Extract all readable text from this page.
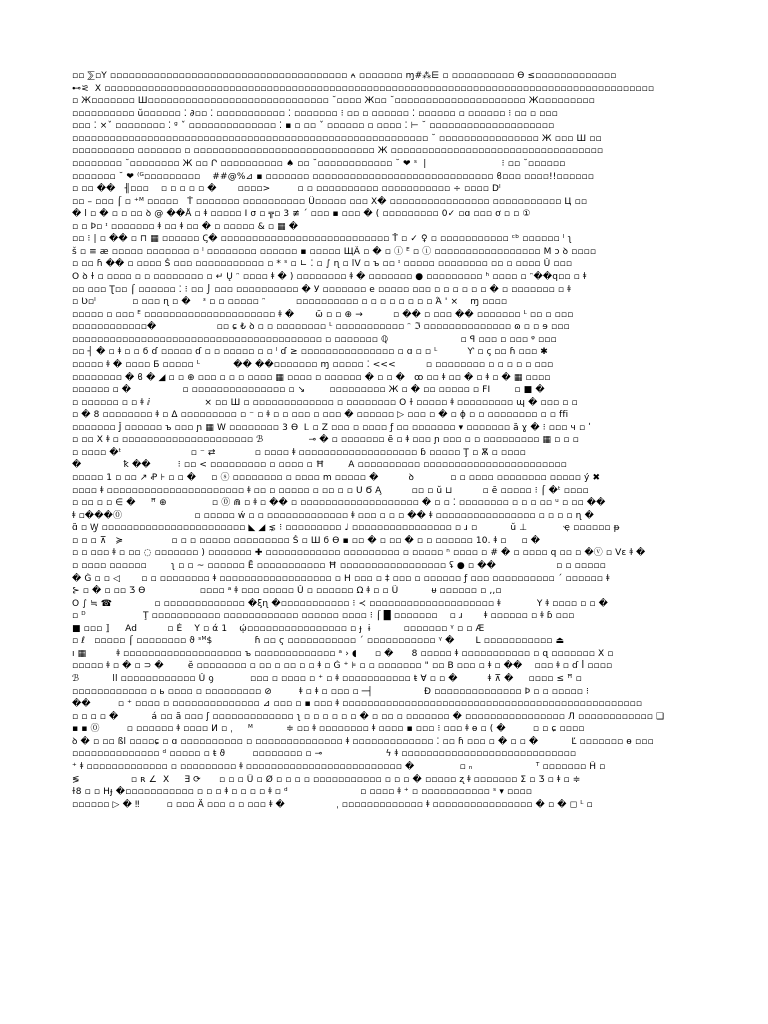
▫▫ ⅀▫Y ▫▫▫▫▫▫▫▫▫▫▫▫▫▫▫▫▫▫▫▫▫▫▫▫▫▫▫▫▫▫▫▫▫▫▫▫▫▫ ⍲ ▫▫▫▫▫▫▫ ɱ#⁂⋿ ▫ ▫▫▫▫▫▫▫▫▫▫ ϴ ≤▫▫▫▫▫▫▫▫▫▫▫▫▫
⊷⪝  X ▫▫▫▫▫▫▫▫▫▫▫▫▫▫▫▫▫▫▫▫▫▫▫▫▫▫▫▫▫▫▫▫▫▫▫▫▫▫▫▫▫▫▫▫▫▫▫▫▫▫▫▫▫▫▫▫▫▫▫▫▫▫▫▫▫▫▫▫▫▫▫▫▫▫▫▫▫▫▫▫▫▫▫▫▫▫▫▫
▫ Ж▫▫▫▫▫▫▫ Ш▫▫▫▫▫▫▫▫▫▫▫▫▫▫▫▫▫▫▫▫▫▫▫▫▫▫▫▫▫ ˘▫▫▫▫ Ж▫▫ ˘▫▫▫▫▫▫▫▫▫▫▫▫▫▫▫▫▫▫▫▫▫ Ж▫▫▫▫▫▫▫▫▫
▫▫▫▫▫▫▫▫▫▫ ŭ▫▫▫▫▫▫ ⁚ ∂▫▫ ⁚ ▫▫▫▫▫▫▫▫▫▫▫ ⁚ ▫▫▫▫▫▫▫ ⁝ ▫▫ ▫ ▫▫▫▫▫▫ ⁚ ▫▫▫▫▫▫ ▫ ▫▫▫▫▫▫ ⁝ ▫▫ ▫ ▫▫▫
▫▫▫ ⁚ ×ˇ ▫▫▫▫▫▫▫▫ ⁚ ᵍ ˇ ▫▫▫▫▫▫▫▫▫▫▫▫▫▫ ⁚ ▪ ▫ ▫▫ ˇ ▫▫▫▫▫▫ ▫ ▫▫▫▫ ⁚ ⊢ ˘ ▫▫▫▫▫▫▫▫▫▫▫▫▫▫▫▫▫▫▫▫
▫▫▫▫▫▫▫▫▫▫▫▫▫▫▫▫▫▫▫▫▫▫▫▫▫▫▫▫▫▫▫▫▫▫▫▫▫▫▫▫▫▫▫▫▫▫▫▫▫▫▫▫▫▫▫▫▫ ˘ ▫▫▫▫▫▫▫▫▫▫▫▫▫▫▫▫ Ж ▫▫▫ Ш ▫▫
▫▫▫▫▫▫▫▫▫▫ ▫▫▫▫▫▫▫ ▫ ▫▫▫▫▫▫▫▫▫▫▫▫▫▫▫▫▫▫▫▫▫▫▫▫▫▫▫▫▫ Ж ▫▫▫▫▫▫▫▫▫▫▫▫▫▫▫▫▫▫▫▫▫▫▫▫▫▫▫▫▫▫▫▫▫▫
▫▫▫▫▫▫▫▫ ˘▫▫▫▫▫▫▫▫ Ж ▫▫ Ր ▫▫▫▫▫▫▫▫▫▫ ♠ ▫▫ ˘▫▫▫▫▫▫▫▫▫▫▫▫ ˘ ❤ ˢ  |                         ⁝ ▫▫ ˘▫▫▫▫▫▫
▫▫▫▫▫▫▫ ˘ ❤ ⁽ᴳ▫▫▫▫▫▫▫▫▫    ##@%⊿ ▪ ▫▫▫▫▫▫▫ ▫▫▫▫▫▫▫▫▫▫▫▫▫▫▫▫▫▫▫▫▫▫▫▫▫▫▫▫▫ ϐ▫▫▫ ▫▫▫▫!!▫▫▫▫▫▫
▫ ▫▫ ��   ╢▫▫▫    ▫ ▫ ▫ ▫ ▫ �       ▫▫▫▫>         ▫ ▫ ▫▫▫▫▫▫▫▫▫▫ ▫▫▫▫▫▫▫▫▫▫▫ ÷ ▫▫▫▫ Dᴵ
▫▫ – ▫▫▫ ⌠ ▫ ⁺ᴹ ▫▫▫▫▫   Ṫ ▫▫▫▫▫▫▫ ▫▫▫▫▫▫▫▫▫▫ Ü▫▫▫▫▫ ▫▫▫ X� ▫▫▫▫▫▫▫▫▫▫▫▫▫▫▫▫ ▫▫▫▫▫▫▫▫▫▫▫ Ц ▫▫
� l ▫ � ▫ ▫ ▫▫ ꝺ @ ��Å ▫ ꬸ ▫▫▫▫▫ I σ ▫ ╦▫ 3 ≢ ˊ ▫▫▫ ▪ ▫▫▫ � ( ▫▫▫▫▫▫▫▫▫ 0✓ ▫ɑ ▫▫▫ ơ ▫ ▫ ①
▫ ▫ Þ▫ ᶦ ▫▫▫▫▫▫▫ ꬸ ▫▫ ꬸ ▫▫ � ▫ ▫▫▫▫▫ & ▫ ▦ �
▫▫ ⁝ | ▫ �� ▫ ⊓ ▦ ▫▫▫▫▫▫ Ꞔ� ▫▫▫▫▫▫▫▫▫▫▫▫▫▫▫▫▫▫▫▫▫▫▫▫▫▫▫ Ť ▫ ✓ ♀ ▫ ▫▫▫▫▫▫▫▫▫▫▫ ᶜᵇ ▫▫▫▫▫▫ ᴵ ʅ
š ▫ ≡ æ ▫▫▫▫▫ ▫▫▫▫▫▫▫ ▫ ˡ ▫▫▫▫▫▫▫▫ ▫▫▫▫▫▫ ▪ ▫▫▫▫▫ ЩÃ ▫ � ▫ ⓘ ᴱ ▫ ⓘ ▫▫▫▫▫▫▫▫▫▫▫▫▫▫▫▫▫ M ᴐ ꝺ ▫▫▫▫
▫ ▫▫ ɦ �� ▫ ▫▫▫▫ Š ▫▫▫ ▫▫▫▫▫▫▫▫▫▫▫ ▫ * ˢ ▫ ∟ ⁚ ▫ ∫ ɳ ▫ lV ▫ ъ ▫▫ ᶦ ▫▫▫▫▫ ▫▫▫▫▫▫▫▫ ▫▫ ▫ ▫▫▫▫ Ŭ ▫▫▫
O ꝺ ɫ ▫ ▫▫▫▫ ▫ ▫ ▫▫▫▫▫▫▫▫ ▫ ↵ Ų ᵔ ▫▫▫▫ ꬸ � ) ▫▫▫▫▫▫▫▫ ꬸ � ▫▫▫▫▫▫▫ ● ▫▫▫▫▫▫▫▫▫ ʰ ▫▫▫▫ ▫ ᵔ��q▫▫ ▫ ꬸ
▫▫ ▫▫▫ Ʈ▫▫ ⌠ ▫▫▫▫▫▫ ⁚ ⁝ ▫▫ ⌡ ▫▫▫ ▫▫▫▫▫▫▫▫▫▫ � У ▫▫▫▫▫▫▫ e ▫▫▫▫▫ ▫▫▫ ▫ ▫ ▫ ▫ ▫ ▫ � ▫ ▫▫▫▫▫▫▫ ▫ ꬸ
▫ Ʋ▫ᴵ            ▫ ▫▫▫ ɳ ▫ �    ᶟ ▫ ▫ ▫▫▫▫▫ ᵔ          ▫▫▫▫▫▫▫▫▫▫ ▫ ▫ ▫ ▫ ▫ ▫ ▫ ▫ Ά ' ×    ɱ ▫▫▫▫
▫▫▫▫▫ ▫ ▫▫▫ ᴱ ▫▫▫▫▫▫▫▫▫▫▫▫▫▫▫▫▫▫▫▫▫ ꬸ �       ῶ ▫ ▫ ⊕ →          ▫ �� ▫ ▫▫▫ �� ▫▫▫▫▫▫▫ ᴸ ▫▫ ▫ ▫▫▫
▫▫▫▫▫▫▫▫▫▫▫▫�                    ▫▫ ɕ ₺ ꝺ ▫ ▫ ▫▫▫▫▫▫▫▫ ᴸ ▫▫▫▫▫▫▫▫▫▫▫ ᵔ ℑ ▫▫▫▫▫▫▫▫▫▫▫▫▫▫ ɷ ▫ ▫ ɘ ▫▫▫
▫▫▫▫▫▫▫▫▫▫▫▫▫▫▫▫▫▫▫▫▫▫▫▫▫▫▫▫▫▫▫▫▫▫▫▫▫▫▫▫ ▫ ▫▫▫▫▫▫▫ ℚ                        ▫ ꟼ ▫▫▫ ▫ ▫▫▫ ᵠ ▫▫▫
▫▫ ┤ � ▫ ꬸ ▫ ▫ ϭ ɗ ▫▫▫▫▫ ɗ ▫ ▫ ▫▫▫▫▫ ▫ ▫ ˡ ɗ ≥ ▫▫▫▫▫▫▫▫▫▫▫▫▫▫▫ ▫ ɑ ▫ ▫ ᴸ          Ƴ ▫ ꞔ ▫▫ ɦ ▫▫▫ ✱
▫▫▫▫▫ ꬸ � ▫▫▫▫ Ƃ ▫▫▫▫▫ ᴸ           �� ��▫▫▫▫▫▫▫ ɱ ▫▫▫▫▫ ⁚ <<<          ▫ ▫▫▫▫▫▫▫▫ ▫ ▫ ▫ ▫ ▫ ▫▫▫
▫▫▫▫▫▫▫▫ � ϐ � ◢ ▫ ▫ ⊕ ▫▫▫ ▫ ▫ ▫ ▫▫▫▫ ▦ ▫▫▫▫ ▫ ▫▫▫▫▫▫ � ▫ ▫ �   ꝏ ▫▫ ꬸ ▫▫ � ▫ ꬸ ▫ � ▦ ▫▫▫▫
▫▫▫▫▫▫ ▫ �                 ▫ ▫▫▫▫▫▫▫▫▫▫▫▫▫▫▫ ▫ ↘        ▫▫▫▫▫▫▫▫▫ Ж ▫ � ▫▫ ▫▫▫▫▫ ▫ FI        ▫ ■ �
▫ ▫▫▫▫▫▫ ▫ ▫ ꬸ ⅈ                  × ▫▫ Ш ▫ ▫▫▫▫▫▫▫▫▫▫▫▫▫ ▫ ▫▫▫▫▫▫▫▫ O ɫ ▫▫▫▫▫ ꬸ ▫▫▫▫▫▫▫▫▫ ɰ � ▫▫▫ ▫ ▫
▫ � 8 ▫▫▫▫▫▫▫▫ ꬸ ▫ Δ ▫▫▫▫▫▫▫▫▫ ▫ ⁻ ▫ ꬸ ▫ ▫ ▫▫▫ ▫ ▫▫▫ � ▫▫▫▫▫▫ ▷ ▫▫▫ ▫ � ▫ ɸ ▫ ▫ ▫▫▫▫▫▫▫▫ ▫ ▫ ffi
▫▫▫▫▫▫▫ Ĵ ▫▫▫▫▫▫ ъ ▫▫▫ ɲ ▦ W ▫▫▫▫▫▫▫▫ 3 ϴ  Ꮮ ▫ Z ▫▫▫ ▫ ▫▫▫▫ ƒ ▫▫ ▫▫▫▫▫▫▫ ▾ ▫▫▫▫▫▫▫ ă ɣ � ⁝ ▫▫▫ ч ▫ ʹ
▫ ▫▫ X ꬸ ▫ ▫▫▫▫▫▫▫▫▫▫▫▫▫▫▫▫▫▫▫▫▫ ℬ               ⊸ � ▫ ▫▫▫▫▫▫▫ ẽ ▫ ꬸ ▫▫▫ ɲ ▫▫▫ ▫ ▫ ▫▫▫▫▫▫▫▫▫ ▦ ▫ ▫ ▫
▫ ▫▫▫▫ �ᵗ                       ▫ ⁻ ⇄             ▫ ▫▫▫▫ ꬸ ▫▫▫▫▫▫▫▫▫▫▫▫▫▫▫▫▫▫▫ ɓ ▫▫▫▫▫ Ţ ▫ Ѫ ▫ ▫▫▫▫
�              ꝁ ��         ⁝ ▫▫ < ▫▫▫▫▫▫▫▫▫ ▫ ▫▫▫▫ ▫ Ħ        A ▫▫▫▫▫▫▫▫▫▫ ▫▫▫▫▫▫▫▫▫▫▫▫▫▫▫▫▫▫▫▫▫▫▫
▫▫▫▫▫ 1 ▫ ▫▫ ↗ Ꝓ ⊦ ▫ ▫ �     ▫ ⓢ ▫▫▫▫▫▫▫▫ ▫ ▫▫▫▫ m ▫▫▫▫▫ �          ꝺ            ▫ ▫ ▫▫▫▫ ▫▫▫▫▫▫▫▫ ▫▫▫▫▫ ý ✖
▫▫▫▫ ꬸ ▫▫▫▫▫▫▫▫▫▫▫▫▫▫▫▫▫▫▫▫▫▫ ꬸ ▫▫ ▫ ▫▫▫▫▫ ▫ ▫▫ ▫ ▫ U Ϭ A̧          ▫▫ ▫ ŭ ⊔          ▫ ē ▫▫▫▫▫ ⁝ ⌠ �ᵗ ▫▫▫▫
▫ ▫▫ ▫ ▫ ∈ �     ꟸ ⊕               ▫ ⓪ ⋒ ▫ ꬸ ▫ �� ▫ ▫▫▫▫▫▫▫▫▫▫▫▫▫▫▫▫▫▫▫ � ▫ ▫ ⁚ ▫▫▫▫▫▫▫▫ ▫ ▫ ▫ ▫▫ ᵘ ▫ ▫▫ ��
ꬸ ▫���⓪                        ▫ ▫▫▫▫▫ ẃ ▫ ▫ ▫▫▫▫▫▫▫▫▫▫▫▫▫ ꬸ ▫▫▫ ▫ ▫ ▫ �� ꬸ ▫▫▫▫▫▫▫▫▫▫▫▫▫▫▫▫ ▫ ▫ ▫ ▫ ɳ �
ɑ̃ ▫ Ꝡ ▫▫▫▫▫▫▫▫▫▫▫▫▫▫▫▫▫▫▫▫▫▫▫ ◣ ◢ ⋦ ⁝ ▫▫▫▫▫▫▫▫▫ ♩ ▫▫▫▫▫▫▫▫▫▫▫▫▫▫▫▫ ▫ ɹ ▫           ŭ ⊥            ҿ ▫▫▫▫▫▫ ᵽ
▫ ▫ ▫ ⊼   ≽                ▫ ▫ ▫ ▫▫▫▫▫ ▫▫▫▫▫▫▫▫▫ Š ▫ Ш ϭ ϴ ▪ ▫▫ � ▫ ▫▫ � ▫ ▫ ▫▫▫▫▫▫ 10. ꬸ ▫     ▫ �
▫ ▫ ▫▫▫ ꬸ ▫ ▫▫ ◌ ▫▫▫▫▫▫▫ ) ▫▫▫▫▫▫▫ ✚ ▫▫▫▫▫▫▫▫▫▫▫▫ ▫▫▫▫▫▫▫▫▫ ▫ ▫▫▫▫▫ ⁿ ▫▫▫▫ ▫ # � ▫ ▫▫▫▫ q ▫▫ ▫ �ⓥ ▫ Vε ꬸ �
▫ ▫▫▫▫ ▫▫▫▫▫▫        ʅ ▫ ▫ ~ ▫▫▫▫▫▫ Ē ▫▫▫▫▫▫▫▫▫▫▫ Ħ ▫▫▫▫▫▫▫▫▫▫▫▫▫▫▫▫▫ ʢ ● ▫ ��                    ▫ ▫ ▫▫▫▫▫
� Ǵ ▫ ▫ ◁       ▫ ▫ ▫▫▫▫▫▫▫▫ ꬸ ▫▫▫▫▫▫▫▫▫▫▫▫▫▫▫▫▫▫ ▫ H ▫▫▫ ▫ ‡ ▫▫▫ ▫ ▫▫▫▫▫▫ ƒ ▫▫▫ ▫▫▫▫▫▫▫▫▫▫ ˊ ▫▫▫▫▫▫ ꬸ
⊱ ▫ � ▫ ▫▫ Ʒ ϴ                  ▫▫▫▫ ᵃ ꬸ ▫▫▫ ▫▫▫▫▫ Ŭ ▫ ▫▫▫▫▫▫ Ω ꬸ ▫ ▫ Ũ           ᵾ ▫▫▫▫▫▫ ▫ ,,▫
O ∫ ≒ ☎              ▫ ▫▫▫▫▫▫▫▫▫▫▫▫▫ �ξɳ �▫▫▫▫▫▫▫▫▫▫▫ ⁝ ≺ ▫▫▫▫▫▫▫▫▫▫▫▫▫▫▫▫▫▫▫▫ ꬸ            Y ꬸ ▫▫▫▫ ▫ ▫ �
▫ ᴰ                   Ţ ▫▫▫▫▫▫▫▫▫▫▫ ▫▫▫▫▫▫▫▫▫▫▫▫ ▫▫▫▫▫▫ ▫▫▫▫ ⁝ ⌠ █ ▫▫▫▫▫▫▫    ▫ ɹ       ꬸ ▫▫▫▫▫▫ ▫ ꬸ ɓ ▫▫▫
■ ▫▫▫ ⟧     Ad          ▫ É    Y ▫ ά 1    ῴ▫▫▫▫▫▫▫▫▫▫▫▫▫▫▫▫ ▫ ɟ  ɨ           ▫▫▫▫▫▫▫ ᵞ ▫ ▫ Æ
▫ ℓ   ▫▫▫▫▫ ⌠ ▫▫▫▫▫▫▫▫ ϑ ˢᴹ$              ɦ ▫▫ ϛ ▫▫▫▫▫▫▫▫▫▫▫ ˊ ▫▫▫▫▫▫▫▫▫▫▫ ᵞ �       L ▫▫▫▫▫▫▫▫▫▫▫ ⏏
ı ▦          ꬸ ▫▫▫▫▫▫▫▫▫▫▫▫▫▫▫▫▫▫▫ ъ ▫▫▫▫▫▫▫▫▫▫▫▫▫ ᵃ › ◖      ▫ �      8 ▫▫▫▫▫ ꬸ ▫▫▫▫▫▫▫▫▫▫▫ ▫ ɋ ▫▫▫▫▫▫▫ X ▫
▫▫▫▫▫ ꬸ ▫ � ▫ ⊃ �        ĕ ▫▫▫▫▫▫▫▫ ▫ ▫▫ ▫ ▫▫ ▫ ▫ ꬸ ▫ Ġ ⁺ ⊧ ▫ ▫ ▫▫▫▫▫▫▫ " ▫▫ B ▫▫▫ ▫ ꬸ ▫ ��    ▫▫▫ ꬸ ▫ ɗ ꟾ ▫▫▫▫
ℬ           ll ▫▫▫▫▫▫▫▫▫▫▫▫ Ŭ ꝯ            ▫▫▫ ▫ ▫▫▫▫ ▫ ⁺ ▫ ꬸ ▫▫▫▫▫▫▫▫▫▫▫ ŧ Ɐ ▫ ▫ �          ꬸ ⊼ �     ▫▫▫▫ ≤ ꟸ ▫
▫▫▫▫▫▫▫▫▫▫▫▫ ▫ ь ▫▫▫▫ ▫ ▫▫▫▫▫▫▫▫▫ ⊘         ꬸ ▫ ꬸ ▫ ▫▫▫ ▫ ─┤                 Ð ▫▫▫▫▫▫▫▫▫▫▫▫▫▫ Þ ▫ ▫ ▫▫▫▫▫ ⁝
��         ▫ ⁺ ▫▫▫▫ ▫ ▫▫▫▫▫▫▫▫▫▫▫▫▫▫ ⊿ ▫▫▫ ▫ ▪ ▫▫▫ ꬸ ▫▫▫▫▫▫▫▫▫▫▫▫▫▫▫▫▫▫▫▫▫▫▫▫▫▫▫▫▫▫▫▫▫▫▫▫▫▫▫▫▫▫▫▫▫▫▫▫
▫ ▫ ▫ ▫ �           á ▫▫ ã ▫▫▫ ʃ ▫▫▫▫▫▫▫▫▫▫▫▫▫ ʅ ▫ ▫ ▫ ▫ ▫ ▫ � ▫ ▫▫ ▫ ▫▫▫▫▫▫▫ � ▫▫▫▫▫▫▫▫▫▫▫▫▫▫▫▫ Л ▫▫▫▫▫▫▫▫▫▫▫▫ ❑
▪ ▪ ⓪         ▫ ▫▫▫▫▫▫ ꬸ ▫▫▫▫ И ▫ ˌ     ᴹ           ≑ ▫▫ ꬸ ▫▫▫▫▫▫▫▫ ꬸ ▫▫▫▫ ▪ ▫▫▫ ⁝ ▫▫▫ ꬸ ɵ ▫ ( �         ▫ ▫ ɕ ▫▫▫▫
ꝺ � ▫ ▫▫ ßl ▫▫▫▫ɕ ▫ ɑ ▫▫▫▫▫▫▫▫▫▫ ▫ ▫▫▫▫▫▫▫▫▫▫▫▫▫▫ ꬸ ▫▫▫▫▫▫▫▫▫▫▫▫▫ ⁚ ▫▫ ɦ ▫▫▫ ▫ � ▫ ▫ �           Ľ ▫▫▫▫▫▫▫ ɵ ▫▫▫
▫▫▫▫▫▫▫▫▫▫▫▫▫▫ ᵈ ▫▫▫▫▫ ▫ ŧ ϑ         ▫▫▫▫▫▫▫▫ ▫ ⊸                     ϟ ꬸ ▫▫▫▫▫▫▫▫▫▫▫▫▫▫▫▫▫▫▫▫▫▫▫▫▫▫▫▫
⁺ ꬸ ▫▫▫▫▫▫▫▫▫▫▫▫▫ ▫ ▫▫▫▫▫▫▫▫▫ ꬸ ▫▫▫▫▫▫▫▫▫▫▫▫▫▫▫▫▫▫▫▫▫▫▫▫▫ �               ▫ ₙ                     ᵀ ▫▫▫▫▫▫▫ Ĥ ▫
≶                 ▫ ʀ ∠  X     ∃ ⟳      ▫ ▫ ▫ Ü ▫ Ø ▫ ▫ ▫ ▫ ▫▫▫▫▫▫▫▫▫▫▫ ▫ ▫ ▫ � ▫▫▫▫▫ ʐ ꬸ ▫▫▫▫▫▫▫ Σ ▫ Ʒ ▫ ꬸ ▫ ≑
ɫ8 ▫ ▫ Hɟ �▫▫▫▫▫▫▫▫▫▫▫ ▫ ▫ ▫ ꬸ ▫ ▫ ▫ ▫ ꬸ ▫ ᵈ                        ▫ ▫▫▫▫ ꬸ ⁺ ▫ ▫▫▫▫▫▫▫▫▫▫▫ ˢ ▾ ▫▫▫▫
▫▫▫▫▫▫ ▷ � ‼         ▫ ▫▫▫ Ä ▫▫▫ ▫ ▫ ▫▫▫ ꬸ �                 ˌ ▫▫▫▫▫▫▫▫▫▫▫▫▫ ꬸ ▫▫▫▫▫▫▫▫▫▫▫▫▫▫▫▫ � ▫ � ◻ ᴸ ▫
